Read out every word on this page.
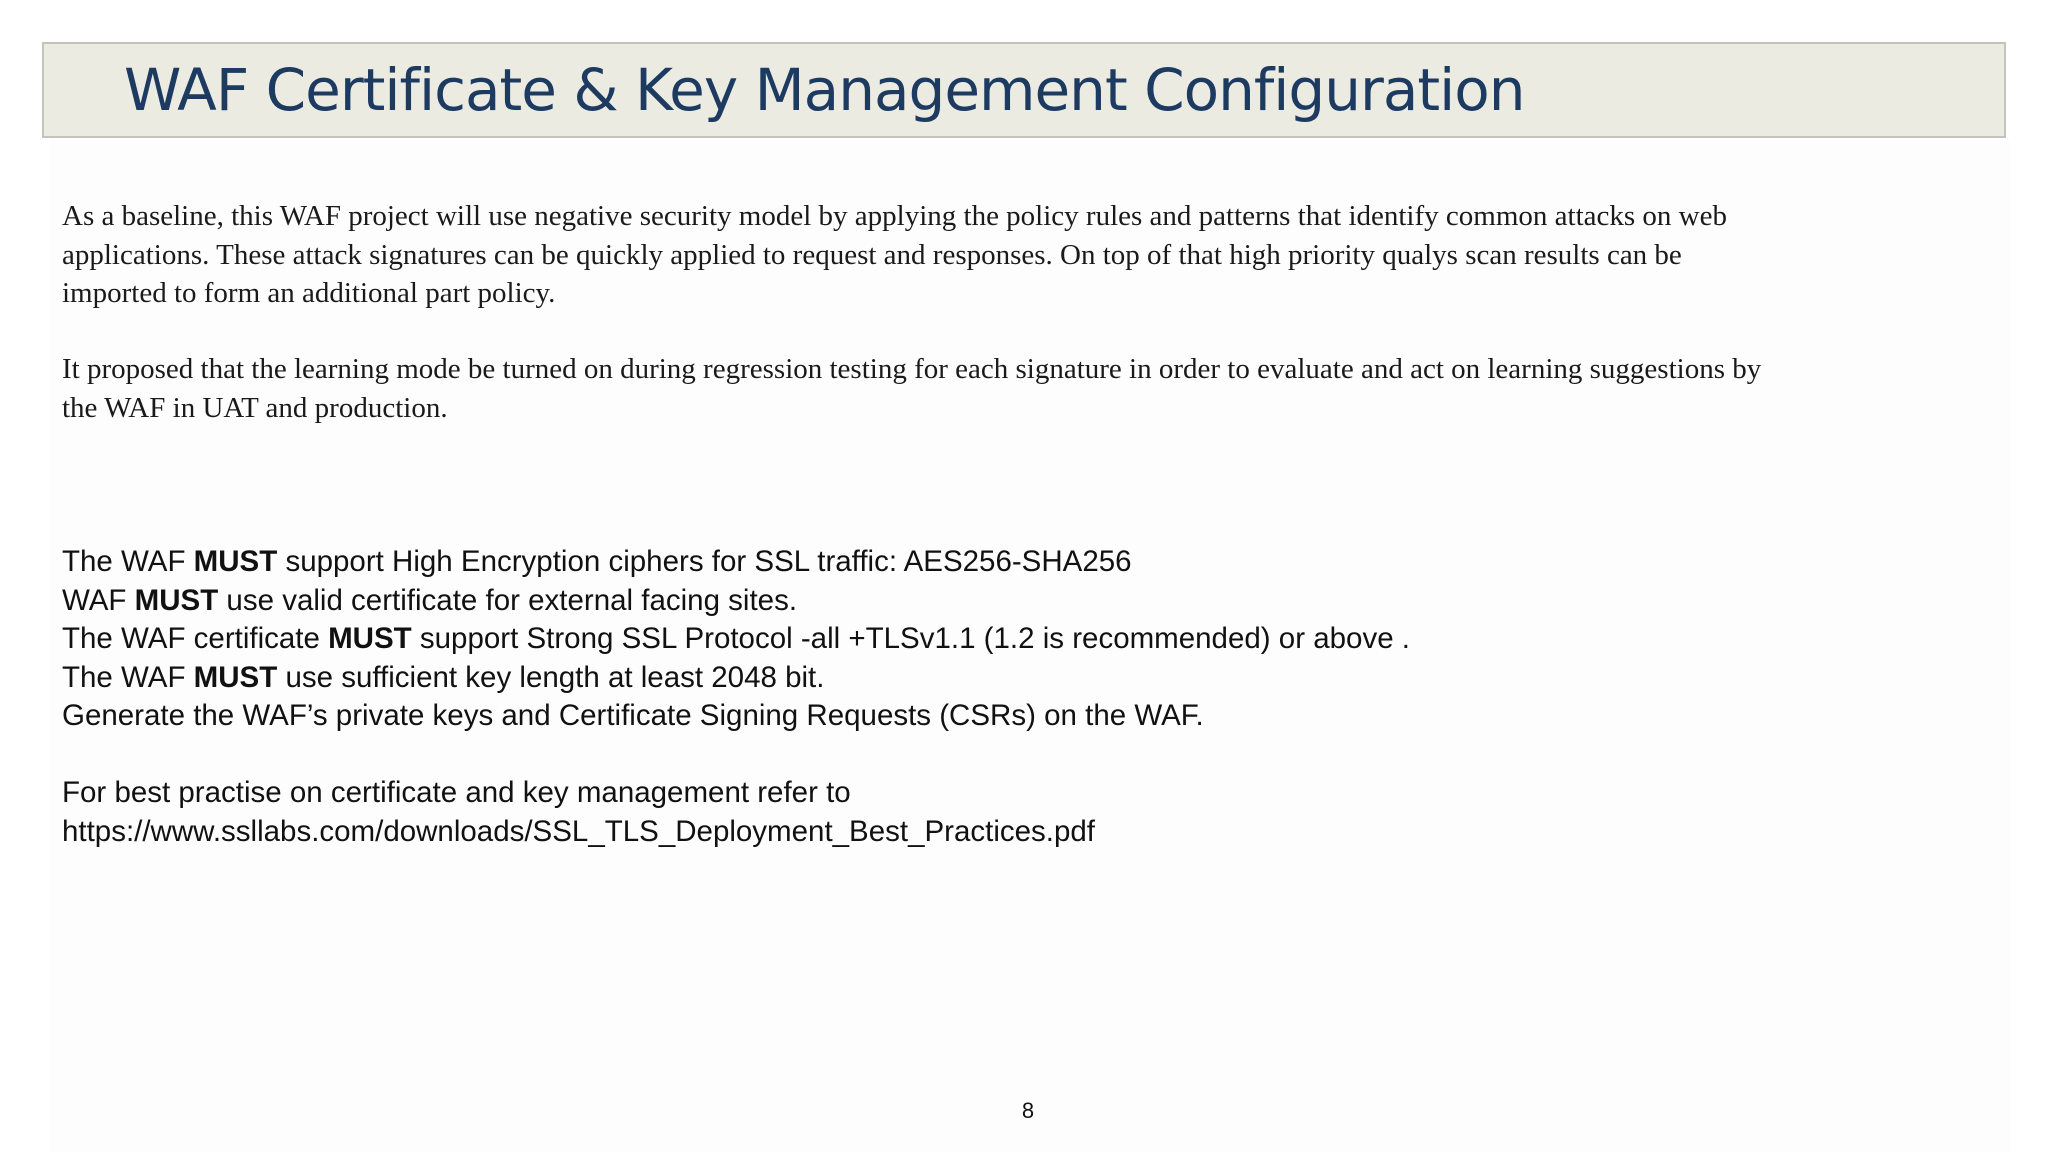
WAF Certificate & Key Management Configuration
As a baseline, this WAF project will use negative security model by applying the policy rules and patterns that identify common attacks on web applications. These attack signatures can be quickly applied to request and responses. On top of that high priority qualys scan results can be imported to form an additional part policy.
It proposed that the learning mode be turned on during regression testing for each signature in order to evaluate and act on learning suggestions by the WAF in UAT and production.
The WAF MUST support High Encryption ciphers for SSL traffic: AES256-SHA256
WAF MUST use valid certificate for external facing sites.
The WAF certificate MUST support Strong SSL Protocol -all +TLSv1.1 (1.2 is recommended) or above .
The WAF MUST use sufficient key length at least 2048 bit.
Generate the WAF’s private keys and Certificate Signing Requests (CSRs) on the WAF.
For best practise on certificate and key management refer to
https://www.ssllabs.com/downloads/SSL_TLS_Deployment_Best_Practices.pdf
8
